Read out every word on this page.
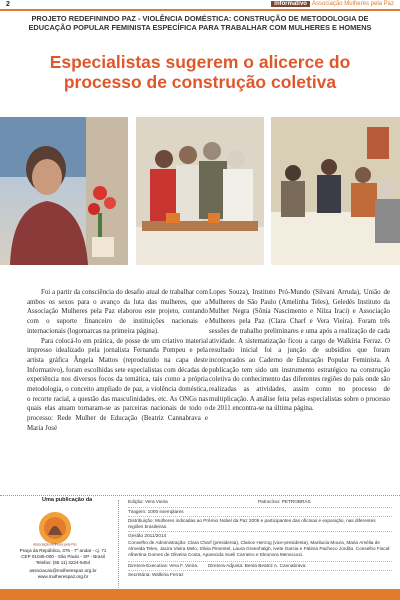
2	Informativo Associação Mulheres pela Paz
PROJETO REDEFININDO PAZ - VIOLÊNCIA DOMÉSTICA: CONSTRUÇÃO DE METODOLOGIA DE EDUCAÇÃO POPULAR FEMINISTA ESPECÍFICA PARA TRABALHAR COM MULHERES E HOMENS
Especialistas sugerem o alicerce do processo de construção coletiva

Foi a partir da consciência do desafio atual de trabalhar com ambos os sexos para o avanço da luta das mulheres, que a Associação Mulheres pela Paz elaborou este projeto, contando com o suporte financeiro de instituições nacionais e internacionais (logomarcas na primeira página).

Para colocá-lo em prática, de posse de um criativo material impresso idealizado pela jornalista Fernanda Pompeu e pela artista gráfica Ângela Mattos (reproduzido na capa deste Informativo), foram escolhidas sete especialistas com décadas de experiência nos diversos focos da temática, tais como a própria metodologia, o conceito ampliado de paz, a violência doméstica, o recorte racial, a questão das masculinidades, etc. As ONGs nas quais elas atuam tornaram-se as parceiras nacionais de todo o processo: Rede Mulher de Educação (Beatriz Cannabrava e Maria José

Lopes Souza), Instituto Pró-Mundo (Silvani Arruda), União de Mulheres de São Paulo (Amelinha Teles), Geledés Instituto da Mulher Negra (Sônia Nascimento e Nilza Iraci) e Associação Mulheres pela Paz (Clara Charf e Vera Vieira). Foram três sessões de trabalho preliminares e uma após a realização de cada atividade. A sistematização ficou a cargo de Walkíria Ferraz. O resultado inicial foi a junção de subsídios que foram incorporados ao Caderno de Educação Popular Feminista. A publicação tem sido um instrumento estratégico na construção coletiva do conhecimento das diferentes regiões do país onde são realizadas as atividades, assim como no processo de multiplicação. A análise feita pelas especialistas sobre o processo de 2011 encontra-se na última página.

Uma publicação da
Associação Mulheres pela Paz
Praça da República, 376 - 7º andar - cj. 71
CEP 01045-000 - São Paulo - SP - Brasil
Telefax: (55 11) 3224-9454
associacao@mulherespaz.org.br
www.mulherespaz.org.br
Edição: Vera Vieira	Patrocínio: PETROBRÁS
Tiragem: 1000 exemplares
Distribuição: Mulheres indicadas ao Prêmio Nobel da Paz 2005 e participantes das oficinas e exposição, nas diferentes regiões brasileiras.
Gestão 2011/2014
Conselho de Administração: Clara Charf (presidenta), Clarice Herzog (vice-presidenta), Marilucia Moura, Maria Amélia de Almeida Teles, Jacira Vieira Melo, Silvia Pimentel, Laura Greenhalgh, Ivete Garcia e Fátima Pacheco Jordão. Conselho Fiscal: Albertina Gomes de Oliveira Costa, Aparecida Sueli Carneiro e Eleonora Menecucci.
Diretora-Executiva: Vera F. Vieira. Diretora-Adjunta: Benta Beatriz A. Cannabrava.
Secretária: Walkíria Ferraz
